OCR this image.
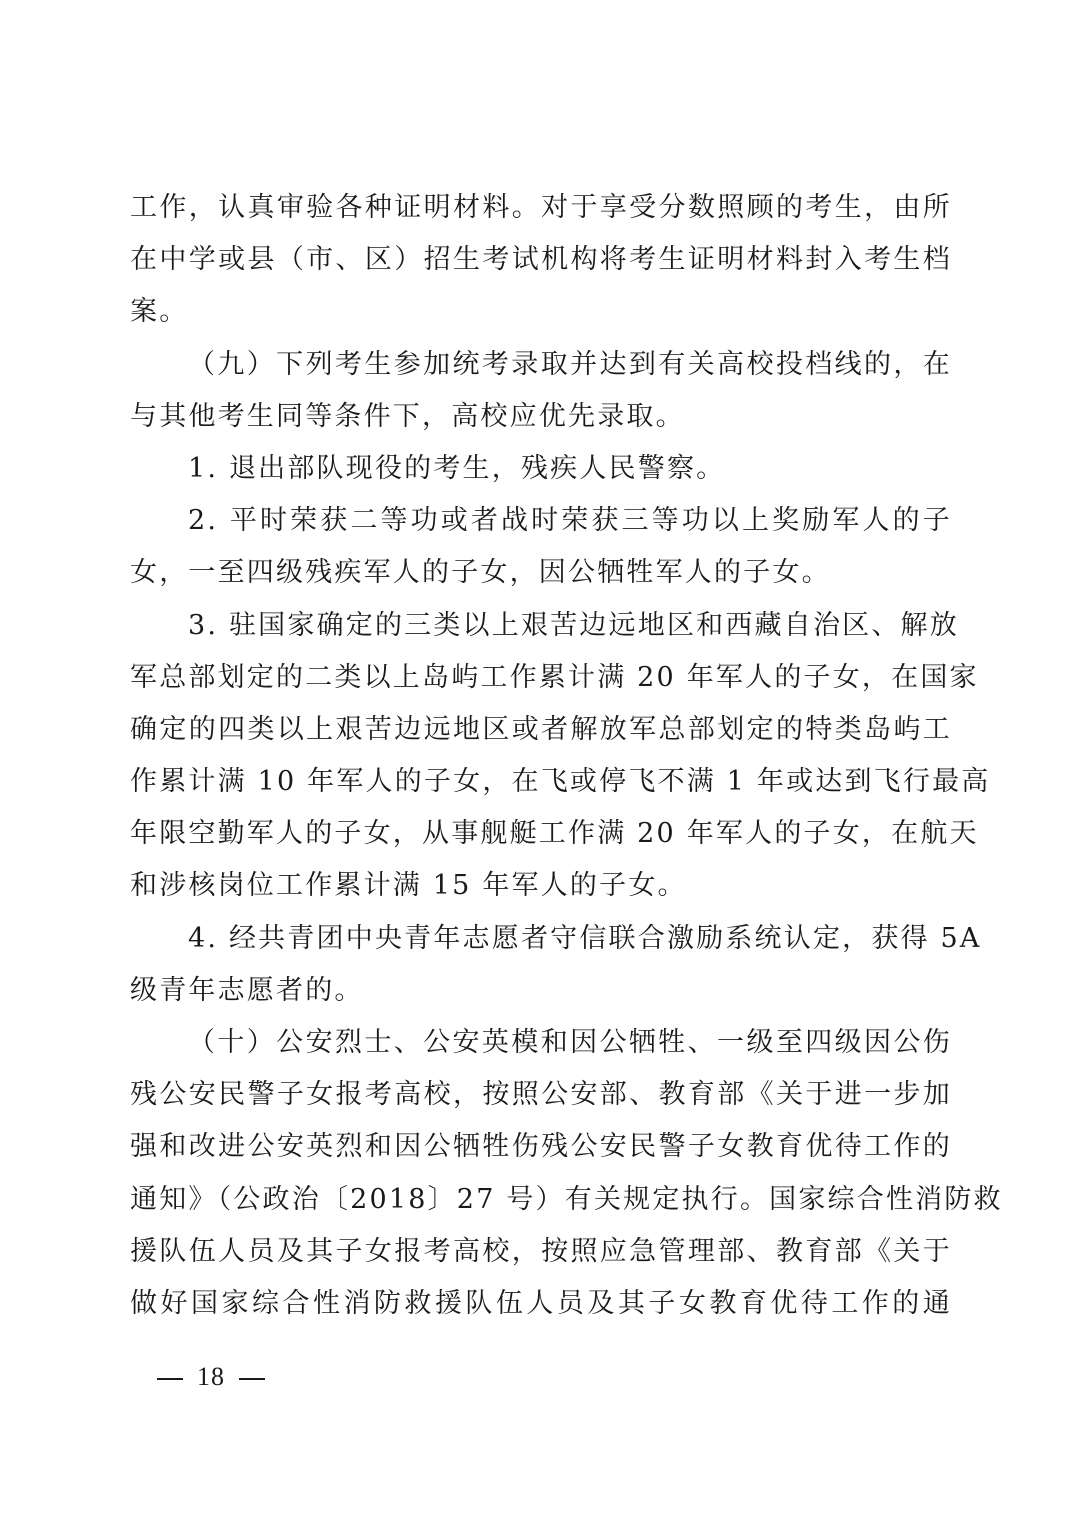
工作，认真审验各种证明材料。对于享受分数照顾的考生，由所
在中学或县（市、区）招生考试机构将考生证明材料封入考生档
案。
（九）下列考生参加统考录取并达到有关高校投档线的，在
与其他考生同等条件下，高校应优先录取。
1. 退出部队现役的考生，残疾人民警察。
2. 平时荣获二等功或者战时荣获三等功以上奖励军人的子
女，一至四级残疾军人的子女，因公牺牲军人的子女。
3. 驻国家确定的三类以上艰苦边远地区和西藏自治区、解放
军总部划定的二类以上岛屿工作累计满 20 年军人的子女，在国家
确定的四类以上艰苦边远地区或者解放军总部划定的特类岛屿工
作累计满 10 年军人的子女，在飞或停飞不满 1 年或达到飞行最高
年限空勤军人的子女，从事舰艇工作满 20 年军人的子女，在航天
和涉核岗位工作累计满 15 年军人的子女。
4. 经共青团中央青年志愿者守信联合激励系统认定，获得 5A
级青年志愿者的。
（十）公安烈士、公安英模和因公牺牲、一级至四级因公伤
残公安民警子女报考高校，按照公安部、教育部《关于进一步加
强和改进公安英烈和因公牺牲伤残公安民警子女教育优待工作的
通知》（公政治〔2018〕27 号）有关规定执行。国家综合性消防救
援队伍人员及其子女报考高校，按照应急管理部、教育部《关于
做好国家综合性消防救援队伍人员及其子女教育优待工作的通
18
